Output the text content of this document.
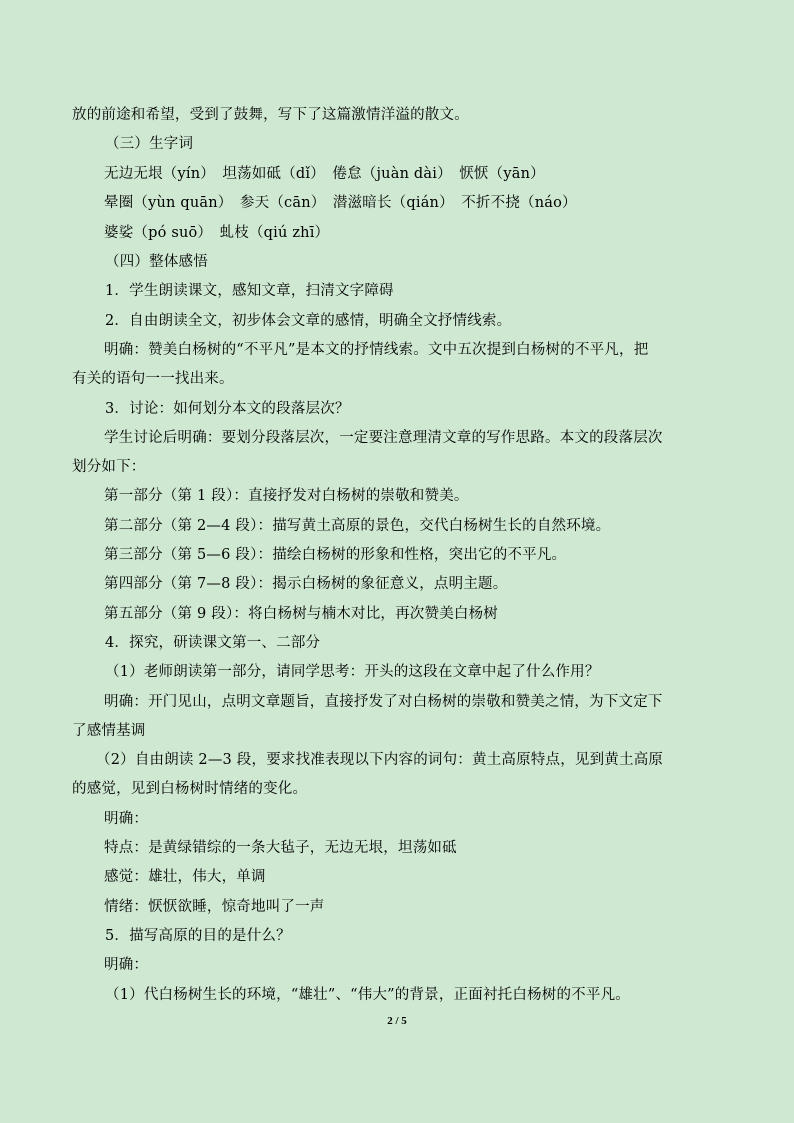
放的前途和希望，受到了鼓舞，写下了这篇激情洋溢的散文。
（三）生字词
无边无垠（yín）　坦荡如砥（dǐ）　倦怠（juàn dài）　恹恹（yān）
晕圈（yùn quān）　参天（cān）　潜滋暗长（qián）　不折不挠（náo）
婆娑（pó suō）　虬枝（qiú zhī）
（四）整体感悟
1．学生朗读课文，感知文章，扫清文字障碍
2．自由朗读全文，初步体会文章的感情，明确全文抒情线索。
明确：赞美白杨树的“不平凡”是本文的抒情线索。文中五次提到白杨树的不平凡，把
有关的语句一一找出来。
3．讨论：如何划分本文的段落层次？
学生讨论后明确：要划分段落层次，一定要注意理清文章的写作思路。本文的段落层次
划分如下：
第一部分（第 1 段）：直接抒发对白杨树的崇敬和赞美。
第二部分（第 2—4 段）：描写黄土高原的景色，交代白杨树生长的自然环境。
第三部分（第 5—6 段）：描绘白杨树的形象和性格，突出它的不平凡。
第四部分（第 7—8 段）：揭示白杨树的象征意义，点明主题。
第五部分（第 9 段）：将白杨树与楠木对比，再次赞美白杨树
4．探究，研读课文第一、二部分
（1）老师朗读第一部分，请同学思考：开头的这段在文章中起了什么作用？
明确：开门见山，点明文章题旨，直接抒发了对白杨树的崇敬和赞美之情，为下文定下
了感情基调
（2）自由朗读 2—3 段，要求找准表现以下内容的词句：黄土高原特点，见到黄土高原
的感觉，见到白杨树时情绪的变化。
明确：
特点：是黄绿错综的一条大毡子，无边无垠，坦荡如砥
感觉：雄壮，伟大，单调
情绪：恹恹欲睡，惊奇地叫了一声
5．描写高原的目的是什么？
明确：
（1）代白杨树生长的环境，“雄壮”、“伟大”的背景，正面衬托白杨树的不平凡。
2 / 5
